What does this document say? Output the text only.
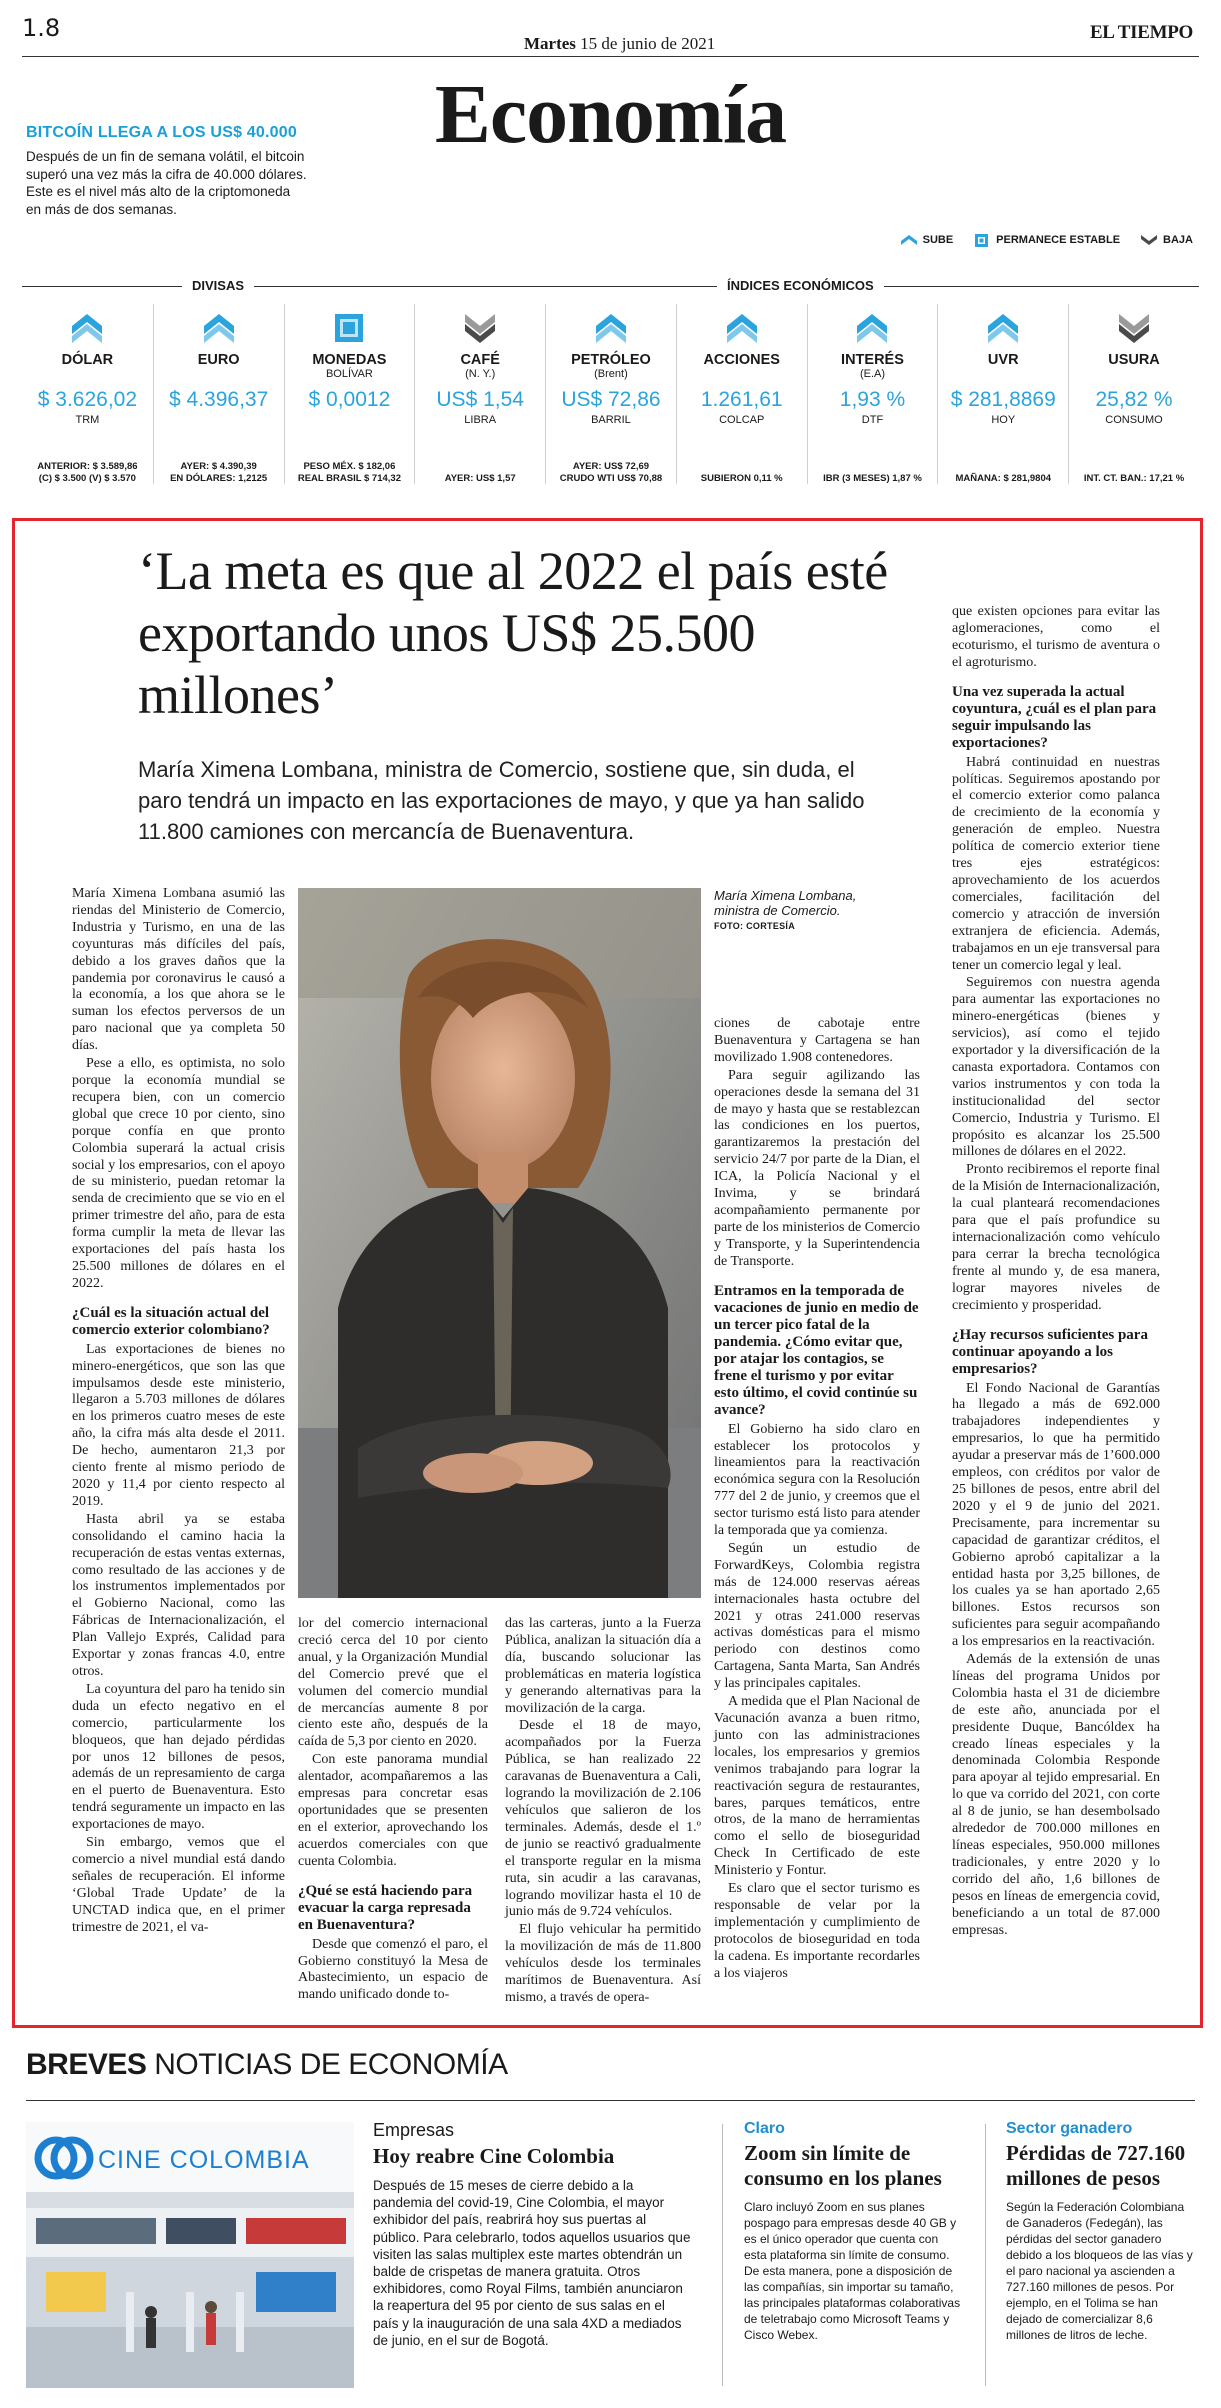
1.8
Martes 15 de junio de 2021
EL TIEMPO
Economía
BITCOÍN LLEGA A LOS US$ 40.000

Después de un fin de semana volátil, el bitcoin superó una vez más la cifra de 40.000 dólares. Este es el nivel más alto de la criptomoneda en más de dos semanas.

SUBE	PERMANECE ESTABLE	BAJA
DIVISAS	ÍNDICES ECONÓMICOS
DÓLAR
$ 3.626,02
TRM
ANTERIOR: $ 3.589,86
(C) $ 3.500 (V) $ 3.570
EURO
$ 4.396,37
AYER: $ 4.390,39
EN DÓLARES: 1,2125
MONEDAS
BOLÍVAR
$ 0,0012
PESO MÉX. $ 182,06
REAL BRASIL $ 714,32
CAFÉ
(N. Y.)
US$ 1,54
LIBRA
AYER: US$ 1,57

PETRÓLEO
(Brent)
US$ 72,86
BARRIL
AYER: US$ 72,69
CRUDO WTI US$ 70,88
ACCIONES
1.261,61
COLCAP
SUBIERON 0,11 %

INTERÉS
(E.A)
1,93 %
DTF
IBR (3 MESES) 1,87 %

UVR
$ 281,8869
HOY
MAÑANA: $ 281,9804

USURA
25,82 %
CONSUMO
INT. CT. BAN.: 17,21 %

‘La meta es que al 2022 el país esté exportando unos US$ 25.500 millones’
María Ximena Lombana, ministra de Comercio, sostiene que, sin duda, el paro tendrá un impacto en las exportaciones de mayo, y que ya han salido 11.800 camiones con mercancía de Buenaventura.

María Ximena Lombana asumió las riendas del Ministerio de Comercio, Industria y Turismo, en una de las coyunturas más difíciles del país, debido a los graves daños que la pandemia por coronavirus le causó a la economía, a los que ahora se le suman los efectos perversos de un paro nacional que ya completa 50 días.

Pese a ello, es optimista, no solo porque la economía mundial se recupera bien, con un comercio global que crece 10 por ciento, sino porque confía en que pronto Colombia superará la actual crisis social y los empresarios, con el apoyo de su ministerio, puedan retomar la senda de crecimiento que se vio en el primer trimestre del año, para de esta forma cumplir la meta de llevar las exportaciones del país hasta los 25.500 millones de dólares en el 2022.

¿Cuál es la situación actual del comercio exterior colombiano?

Las exportaciones de bienes no minero-energéticos, que son las que impulsamos desde este ministerio, llegaron a 5.703 millones de dólares en los primeros cuatro meses de este año, la cifra más alta desde el 2011. De hecho, aumentaron 21,3 por ciento frente al mismo periodo de 2020 y 11,4 por ciento respecto al 2019.

Hasta abril ya se estaba consolidando el camino hacia la recuperación de estas ventas externas, como resultado de las acciones y de los instrumentos implementados por el Gobierno Nacional, como las Fábricas de Internacionalización, el Plan Vallejo Exprés, Calidad para Exportar y zonas francas 4.0, entre otros.

La coyuntura del paro ha tenido sin duda un efecto negativo en el comercio, particularmente los bloqueos, que han dejado pérdidas por unos 12 billones de pesos, además de un represamiento de carga en el puerto de Buenaventura. Esto tendrá seguramente un impacto en las exportaciones de mayo.

Sin embargo, vemos que el comercio a nivel mundial está dando señales de recuperación. El informe ‘Global Trade Update’ de la UNCTAD indica que, en el primer trimestre de 2021, el va-

María Ximena Lombana, ministra de Comercio.
FOTO: CORTESÍA

lor del comercio internacional creció cerca del 10 por ciento anual, y la Organización Mundial del Comercio prevé que el volumen del comercio mundial de mercancías aumente 8 por ciento este año, después de la caída de 5,3 por ciento en 2020.

Con este panorama mundial alentador, acompañaremos a las empresas para concretar esas oportunidades que se presenten en el exterior, aprovechando los acuerdos comerciales con que cuenta Colombia.

¿Qué se está haciendo para evacuar la carga represada en Buenaventura?

Desde que comenzó el paro, el Gobierno constituyó la Mesa de Abastecimiento, un espacio de mando unificado donde to-

das las carteras, junto a la Fuerza Pública, analizan la situación día a día, buscando solucionar las problemáticas en materia logística y generando alternativas para la movilización de la carga.

Desde el 18 de mayo, acompañados por la Fuerza Pública, se han realizado 22 caravanas de Buenaventura a Cali, logrando la movilización de 2.106 vehículos que salieron de los terminales. Además, desde el 1.º de junio se reactivó gradualmente el transporte regular en la misma ruta, sin acudir a las caravanas, logrando movilizar hasta el 10 de junio más de 9.724 vehículos.

El flujo vehicular ha permitido la movilización de más de 11.800 vehículos desde los terminales marítimos de Buenaventura. Así mismo, a través de opera-

ciones de cabotaje entre Buenaventura y Cartagena se han movilizado 1.908 contenedores.

Para seguir agilizando las operaciones desde la semana del 31 de mayo y hasta que se restablezcan las condiciones en los puertos, garantizaremos la prestación del servicio 24/7 por parte de la Dian, el ICA, la Policía Nacional y el Invima, y se brindará acompañamiento permanente por parte de los ministerios de Comercio y Transporte, y la Superintendencia de Transporte.

Entramos en la temporada de vacaciones de junio en medio de un tercer pico fatal de la pandemia. ¿Cómo evitar que, por atajar los contagios, se frene el turismo y por evitar esto último, el covid continúe su avance?

El Gobierno ha sido claro en establecer los protocolos y lineamientos para la reactivación económica segura con la Resolución 777 del 2 de junio, y creemos que el sector turismo está listo para atender la temporada que ya comienza.

Según un estudio de ForwardKeys, Colombia registra más de 124.000 reservas aéreas internacionales hasta octubre del 2021 y otras 241.000 reservas activas domésticas para el mismo periodo con destinos como Cartagena, Santa Marta, San Andrés y las principales capitales.

A medida que el Plan Nacional de Vacunación avanza a buen ritmo, junto con las administraciones locales, los empresarios y gremios venimos trabajando para lograr la reactivación segura de restaurantes, bares, parques temáticos, entre otros, de la mano de herramientas como el sello de bioseguridad Check In Certificado de este Ministerio y Fontur.

Es claro que el sector turismo es responsable de velar por la implementación y cumplimiento de protocolos de bioseguridad en toda la cadena. Es importante recordarles a los viajeros

que existen opciones para evitar las aglomeraciones, como el ecoturismo, el turismo de aventura o el agroturismo.

Una vez superada la actual coyuntura, ¿cuál es el plan para seguir impulsando las exportaciones?

Habrá continuidad en nuestras políticas. Seguiremos apostando por el comercio exterior como palanca de crecimiento de la economía y generación de empleo. Nuestra política de comercio exterior tiene tres ejes estratégicos: aprovechamiento de los acuerdos comerciales, facilitación del comercio y atracción de inversión extranjera de eficiencia. Además, trabajamos en un eje transversal para tener un comercio legal y leal.

Seguiremos con nuestra agenda para aumentar las exportaciones no minero-energéticas (bienes y servicios), así como el tejido exportador y la diversificación de la canasta exportadora. Contamos con varios instrumentos y con toda la institucionalidad del sector Comercio, Industria y Turismo. El propósito es alcanzar los 25.500 millones de dólares en el 2022.

Pronto recibiremos el reporte final de la Misión de Internacionalización, la cual planteará recomendaciones para que el país profundice su internacionalización como vehículo para cerrar la brecha tecnológica frente al mundo y, de esa manera, lograr mayores niveles de crecimiento y prosperidad.

¿Hay recursos suficientes para continuar apoyando a los empresarios?

El Fondo Nacional de Garantías ha llegado a más de 692.000 trabajadores independientes y empresarios, lo que ha permitido ayudar a preservar más de 1’600.000 empleos, con créditos por valor de 25 billones de pesos, entre abril del 2020 y el 9 de junio del 2021. Precisamente, para incrementar su capacidad de garantizar créditos, el Gobierno aprobó capitalizar a la entidad hasta por 3,25 billones, de los cuales ya se han aportado 2,65 billones. Estos recursos son suficientes para seguir acompañando a los empresarios en la reactivación.

Además de la extensión de unas líneas del programa Unidos por Colombia hasta el 31 de diciembre de este año, anunciada por el presidente Duque, Bancóldex ha creado líneas especiales y la denominada Colombia Responde para apoyar al tejido empresarial. En lo que va corrido del 2021, con corte al 8 de junio, se han desembolsado alrededor de 700.000 millones en líneas especiales, 950.000 millones tradicionales, y entre 2020 y lo corrido del año, 1,6 billones de pesos en líneas de emergencia covid, beneficiando a un total de 87.000 empresas.

BREVES NOTICIAS DE ECONOMÍA
CINE COLOMBIA
Empresas
Hoy reabre Cine Colombia
Después de 15 meses de cierre debido a la pandemia del covid-19, Cine Colombia, el mayor exhibidor del país, reabrirá hoy sus puertas al público. Para celebrarlo, todos aquellos usuarios que visiten las salas multiplex este martes obtendrán un balde de crispetas de manera gratuita. Otros exhibidores, como Royal Films, también anunciaron la reapertura del 95 por ciento de sus salas en el país y la inauguración de una sala 4XD a mediados de junio, en el sur de Bogotá.
Claro
Zoom sin límite de consumo en los planes
Claro incluyó Zoom en sus planes pospago para empresas desde 40 GB y es el único operador que cuenta con esta plataforma sin límite de consumo. De esta manera, pone a disposición de las compañías, sin importar su tamaño, las principales plataformas colaborativas de teletrabajo como Microsoft Teams y Cisco Webex.
Sector ganadero
Pérdidas de 727.160 millones de pesos
Según la Federación Colombiana de Ganaderos (Fedegán), las pérdidas del sector ganadero debido a los bloqueos de las vías y el paro nacional ya ascienden a 727.160 millones de pesos. Por ejemplo, en el Tolima se han dejado de comercializar 8,6 millones de litros de leche.
